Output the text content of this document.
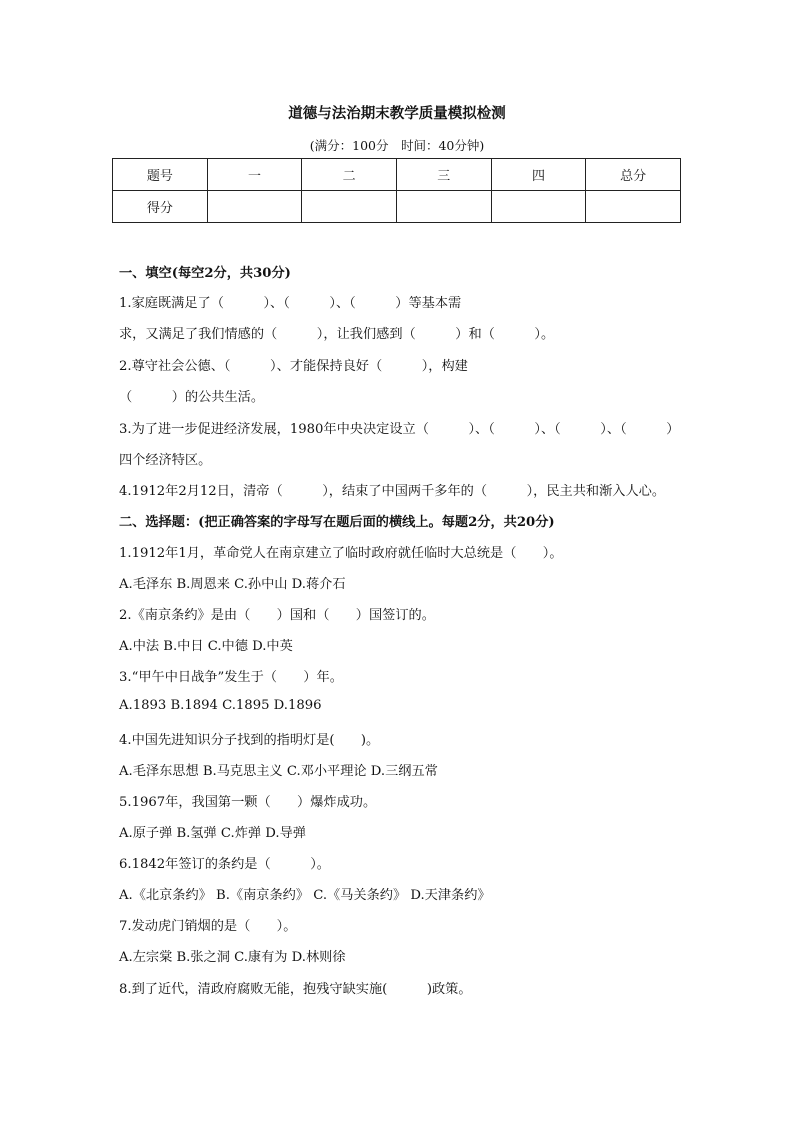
道德与法治期末教学质量模拟检测
(满分：100分　时间：40分钟)
题号	一	二	三	四	总分
得分					
一、填空(每空2分，共30分)
1.家庭既满足了（　　　）、（　　　）、（　　　）等基本需
求，又满足了我们情感的（　　　），让我们感到（　　　）和（　　　）。
2.尊守社会公德、（　　　）、才能保持良好（　　　），构建
（　　　）的公共生活。
3.为了进一步促进经济发展，1980年中央决定设立（　　　）、（　　　）、（　　　）、（　　　）
四个经济特区。
4.1912年2月12日，清帝（　　　），结束了中国两千多年的（　　　），民主共和渐入人心。
二、选择题：(把正确答案的字母写在题后面的横线上。每题2分，共20分)
1.1912年1月，革命党人在南京建立了临时政府就任临时大总统是（　　）。
A.毛泽东 B.周恩来 C.孙中山 D.蒋介石
2.《南京条约》是由（　　）国和（　　）国签订的。
A.中法 B.中日 C.中德 D.中英
3.“甲午中日战争”发生于（　　）年。
A.1893 B.1894 C.1895 D.1896
4.中国先进知识分子找到的指明灯是(　　)。
A.毛泽东思想 B.马克思主义 C.邓小平理论 D.三纲五常
5.1967年，我国第一颗（　　）爆炸成功。
A.原子弹 B.氢弹 C.炸弹 D.导弹
6.1842年签订的条约是（　　　）。
A.《北京条约》 B.《南京条约》 C.《马关条约》 D.天津条约》
7.发动虎门销烟的是（　　）。
A.左宗棠 B.张之洞 C.康有为 D.林则徐
8.到了近代，清政府腐败无能，抱残守缺实施(　　　)政策。
